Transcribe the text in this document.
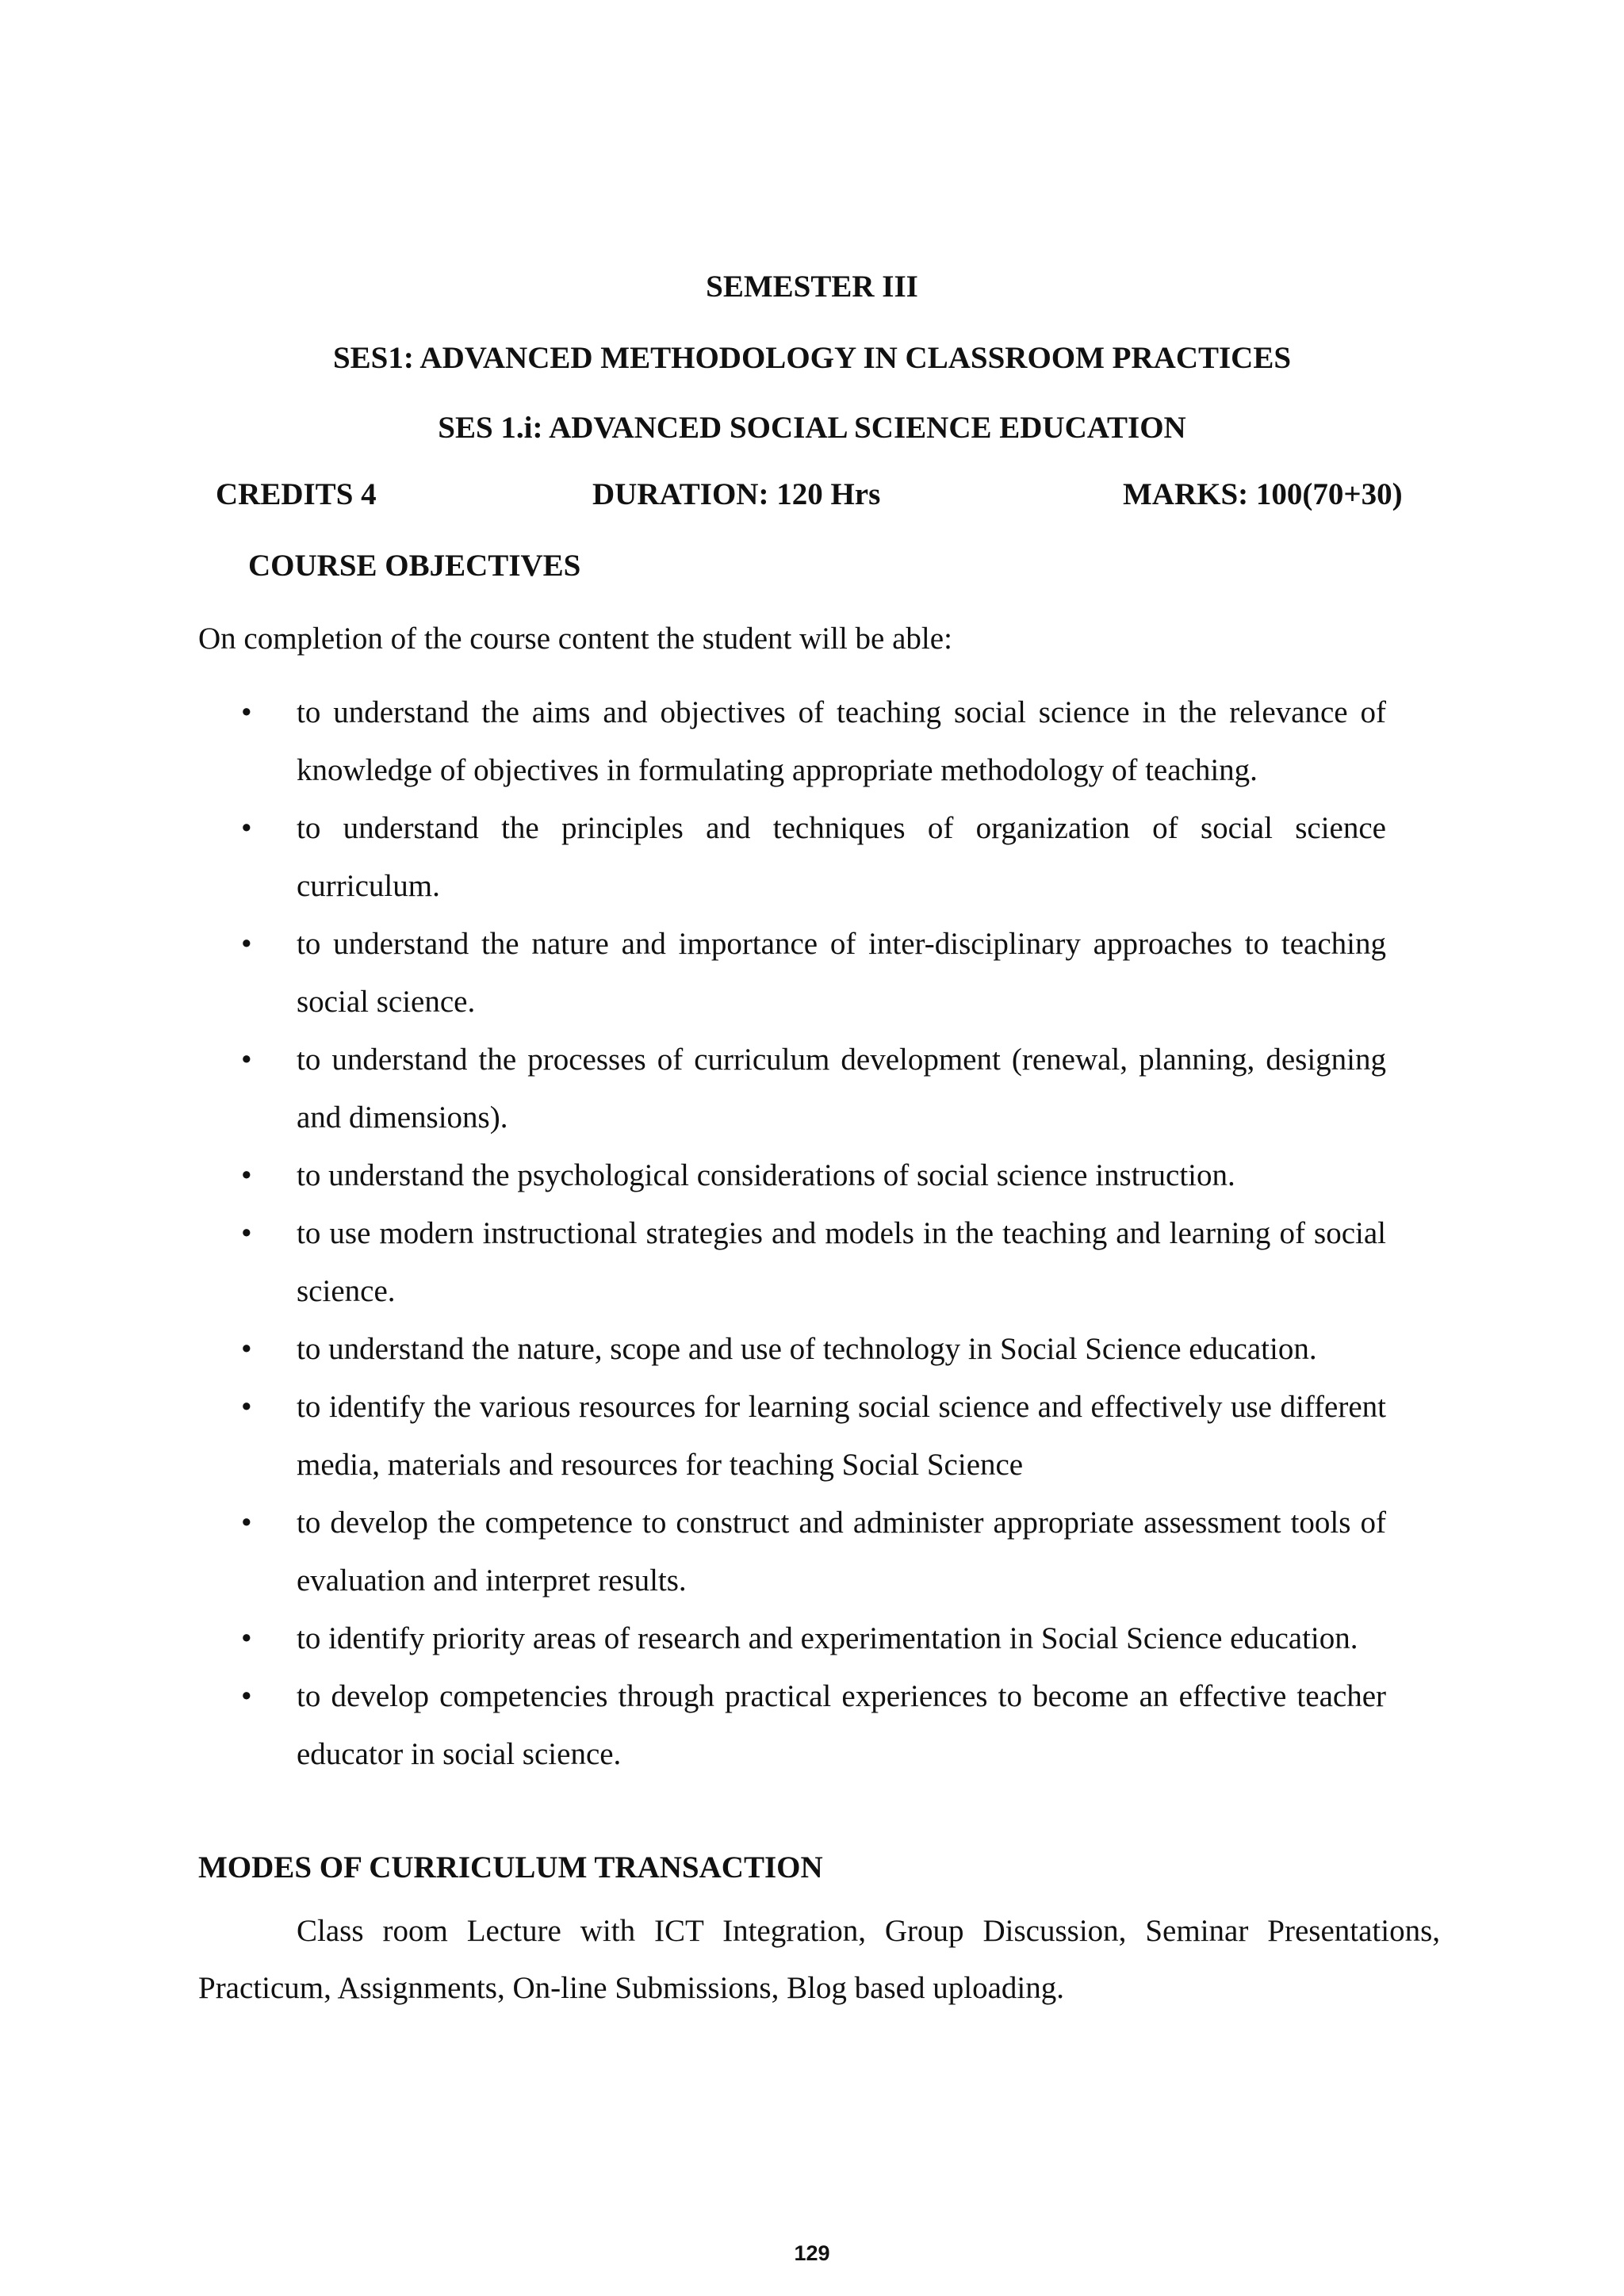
SEMESTER III
SES1: ADVANCED METHODOLOGY IN CLASSROOM PRACTICES
SES 1.i: ADVANCED SOCIAL SCIENCE EDUCATION
CREDITS 4	DURATION: 120 Hrs	MARKS: 100(70+30)
COURSE OBJECTIVES
On completion of the course content the student will be able:
• to understand the aims and objectives of teaching social science in the relevance of knowledge of objectives in formulating appropriate methodology of teaching.
• to understand the principles and techniques of organization of social science curriculum.
• to understand the nature and importance of inter-disciplinary approaches to teaching social science.
• to understand the processes of curriculum development (renewal, planning, designing and dimensions).
• to understand the psychological considerations of social science instruction.
• to use modern instructional strategies and models in the teaching and learning of social science.
• to understand the nature, scope and use of technology in Social Science education.
• to identify the various resources for learning social science and effectively use different media, materials and resources for teaching Social Science
• to develop the competence to construct and administer appropriate assessment tools of evaluation and interpret results.
• to identify priority areas of research and experimentation in Social Science education.
• to develop competencies through practical experiences to become an effective teacher educator in social science.
MODES OF CURRICULUM TRANSACTION
Class room Lecture with ICT Integration, Group Discussion, Seminar Presentations, Practicum, Assignments, On-line Submissions, Blog based uploading.
129
